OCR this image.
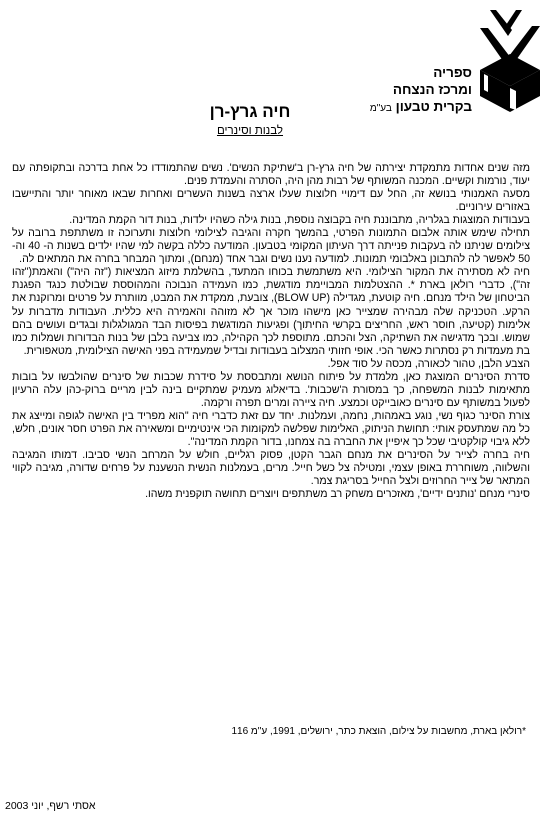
ספריה
ומרכז הנצחה
בקרית טבעון בע"מ
חיה גרץ-רן
לבנות וסינרים

מזה שנים אחדות מתמקדת יצירתה של חיה גרץ-רן ב'שתיקת הנשים'. נשים שהתמודדו כל אחת בדרכה ובתקופתה עם יעוד, נורמות וקשיים. המכנה המשותף של רבות מהן היה, הסתרה והעמדת פנים.

מסעה האמנותי בנושא זה, החל עם דימויי חלוצות שעלו ארצה בשנות העשרים ואחרות שבאו מאוחר יותר והתיישבו באזורים עירוניים.

בעבודות המוצגות בגלריה, מתבוננת חיה בקבוצה נוספת, בנות גילה כשהיו ילדות, בנות דור הקמת המדינה.

תחילה שימש אותה אלבום התמונות הפרטי, בהמשך חקרה והגיבה לצילומי חלוצות ותערוכה זו משתתפת ברובה על צילומים שניתנו לה בעקבות פנייתה דרך העיתון המקומי בטבעון. המודעה כללה בקשה למי שהיו ילדים בשנות ה- 40 וה- 50 לאפשר לה להתבונן באלבומי תמונות. למודעה נענו נשים וגבר אחד (מנחם), ומתוך המבחר בחרה את המתאים לה.

חיה לא מסתירה את המקור הצילומי. היא משתמשת בכוחו המתעד, בהשלמת מיזוג המציאות ("זה היה") והאמת("זהו זה"), כדברי רולאן בארת *. ההצטלמות המבויימת מודגשת, כמו העמידה הנבוכה והמהוססת שבולטת כנגד הפגנת הביטחון של הילד מנחם. חיה קוטעת, מגדילה (BLOW UP), צובעת, ממקדת את המבט, מוותרת על פרטים ומרוקנת את הרקע. הטכניקה שלה מבהירה שמצייר כאן מישהו מוכר אך לא מזוהה והאמירה היא כללית. העבודות מדברות על אלימות (קטיעה, חוסר ראש, החריצים בקרשי החיתוך) ופגיעות המודגשת בפיסות הבד המגולגלות ובגדים ועושים בהם שמוש. ובכך מדגישה את השתיקה, הצל והכתם. מתוספת לכך הקהילה, כמו צביעה בלבן של בנות הבדורות ושמלות כמו בת מעמדות רק נסתרות כאשר הכי. אופי חזותי המצלוב בעבודות ובדיל שמעמידה בפני האישה הצילומית, מטאפורית.

הצבע הלבן, טהור לכאורה, מכסה על סוד אפל.

סדרת הסינרים המוצגת כאן, מלמדת על פיתוח הנושא ומתבססת על סידרת שכבות של סינרים שהולבשו על בובות מתאימות לבנות המשפחה, כך במסורת ה'שכבות'. בדיאלוג מעמיק שמתקיים בינה לבין מריים ברוק-כהן עלה הרעיון לפעול במשותף עם סינרים כאובייקט וכמצע. חיה ציירה ומרים תפרה ורקמה.

צורת הסינר כגוף נשי, נוגע באמהות, נחמה, ועמלנות. יחד עם זאת כדברי חיה "הוא מפריד בין האישה לגופה ומייצג את כל מה שמתעסק אותי: תחושת הניתוק, האלימות שפלשה למקומות הכי אינטימיים ומשאירה את הפרט חסר אונים, חלש, ללא גיבוי קולקטיבי שכל כך איפיין את החברה בה צמחנו, בדור הקמת המדינה".

חיה בחרה לצייר על הסינרים את מנחם הגבר הקטן, פסוק רגליים, חולש על המרחב הנשי סביבו. דמותו המגיבה והשלווה, משוחררת באופן עצמי, ומטילה צל כשל חייל. מרים, בעמלנות הנשית הנשענת על פרחים שדורה, מגיבה לקווי המתאר של צייר החרוזים ולצל החייל בסריגת צמר.

סינרי מנחם 'נותנים ידיים', מאזכרים משחק רב משתתפים ויוצרים תחושה תוקפנית משהו.

*רולאן בארת, מחשבות על צילום, הוצאת כתר, ירושלים, 1991, ע"מ 116
אסתי רשף, יוני 2003
